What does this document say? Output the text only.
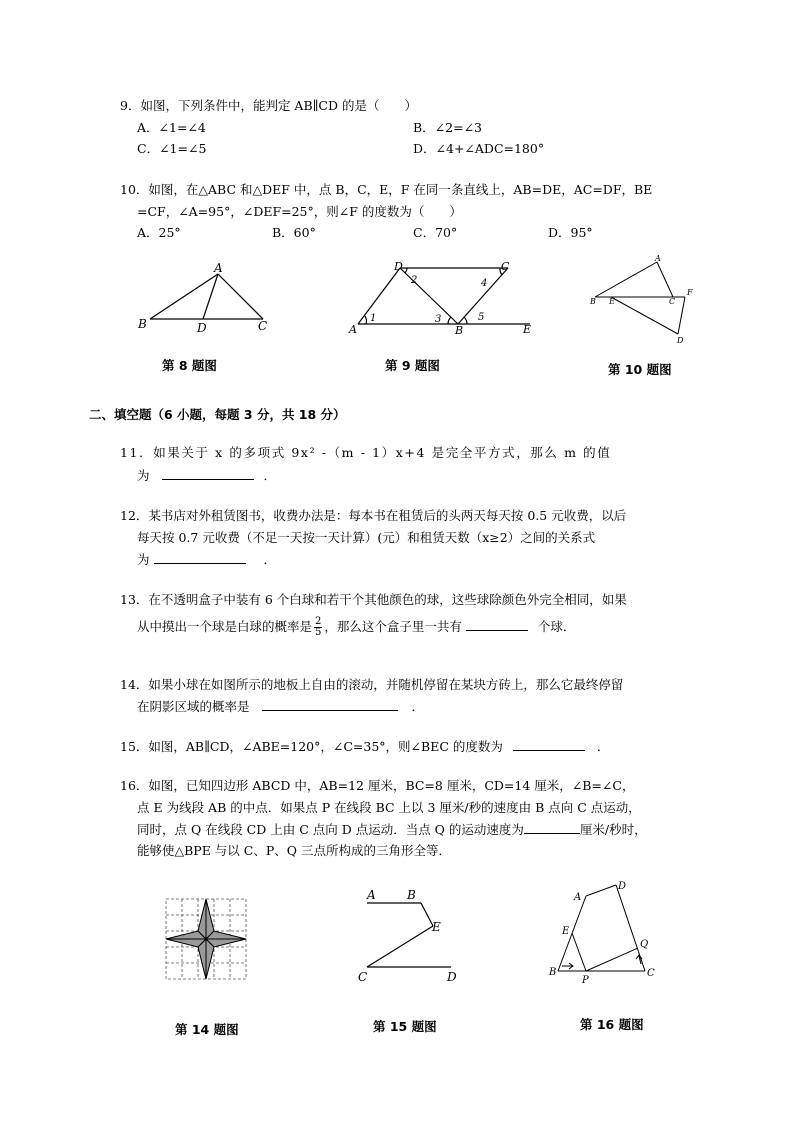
9．如图，下列条件中，能判定 AB∥CD 的是（　　）
A．∠1=∠4	B．∠2=∠3
C．∠1=∠5	D．∠4+∠ADC=180°
10．如图，在△ABC 和△DEF 中，点 B，C，E，F 在同一条直线上，AB=DE，AC=DF，BE
=CF，∠A=95°，∠DEF=25°，则∠F 的度数为（　　）
A．25°	B．60°	C．70°	D．95°
A
B	D	C
第 8 题图
D	C
A	B	E
1
2
3
4
5
第 9 题图
A
B E	C
F
D
第 10 题图
二、填空题（6 小题，每题 3 分，共 18 分）
11．如果关于 x 的多项式 9x² -（m - 1）x+4 是完全平方式，那么 m 的值
为	．
12．某书店对外租赁图书，收费办法是：每本书在租赁后的头两天每天按 0.5 元收费，以后
每天按 0.7 元收费（不足一天按一天计算）(元）和租赁天数（x≥2）之间的关系式
为	．
13．在不透明盒子中装有 6 个白球和若干个其他颜色的球，这些球除颜色外完全相同，如果
从中摸出一个球是白球的概率是 $\frac{2}{5}$ ，那么这个盒子里一共有	个球．
14．如果小球在如图所示的地板上自由的滚动，并随机停留在某块方砖上，那么它最终停留
在阴影区域的概率是	．
15．如图，AB∥CD，∠ABE=120°，∠C=35°，则∠BEC 的度数为	．
16．如图，已知四边形 ABCD 中，AB=12 厘米，BC=8 厘米，CD=14 厘米，∠B=∠C，
点 E 为线段 AB 的中点．如果点 P 在线段 BC 上以 3 厘米/秒的速度由 B 点向 C 点运动，
同时，点 Q 在线段 CD 上由 C 点向 D 点运动．当点 Q 的运动速度为	厘米/秒时，
能够使△BPE 与以 C、P、Q 三点所构成的三角形全等．
第 14 题图
A	B
E
C	D
第 15 题图
A
D
E
Q
B
P
C
第 16 题图
